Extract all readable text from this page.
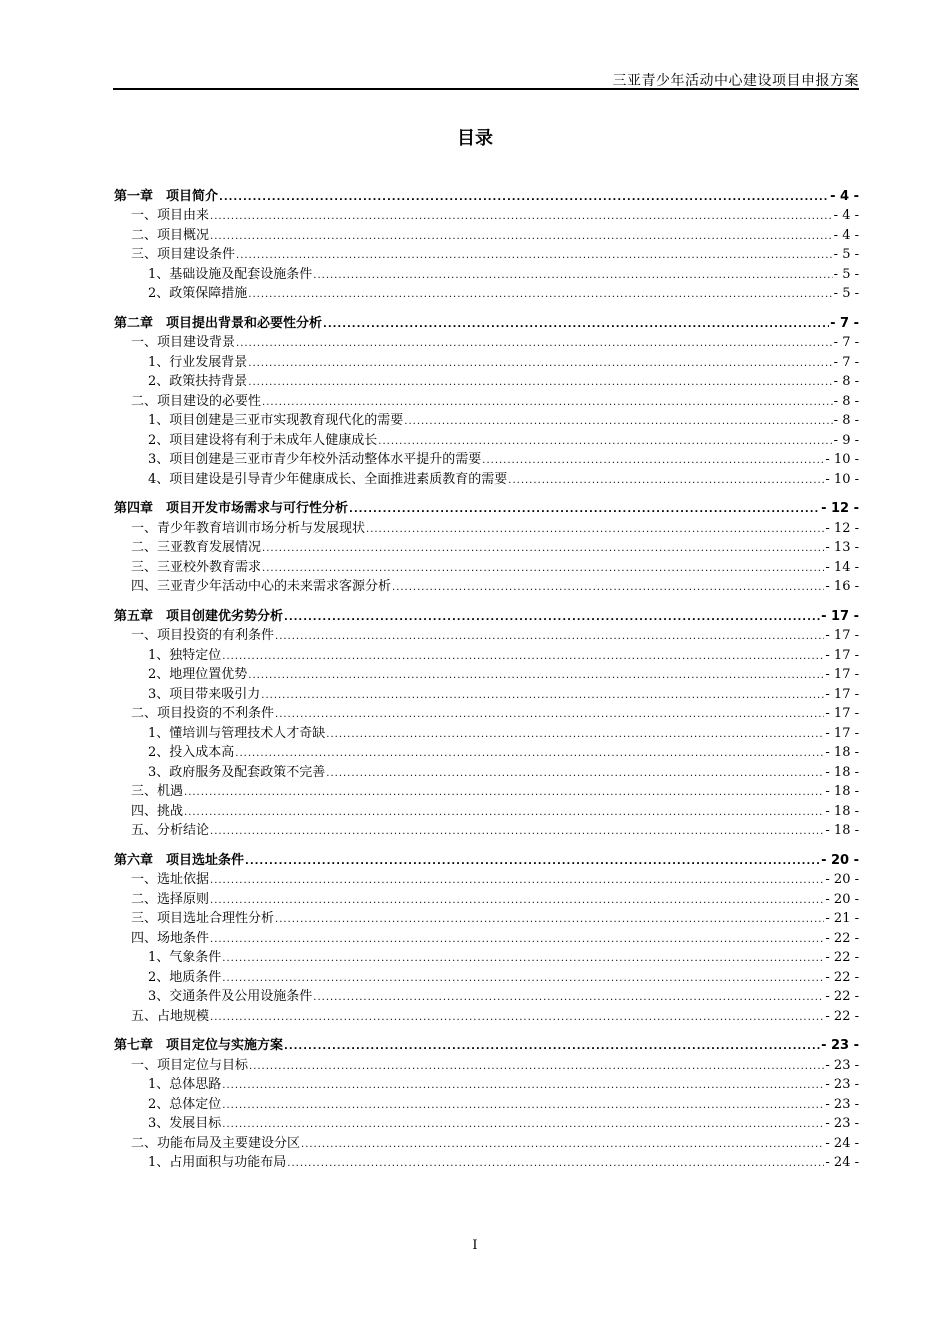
三亚青少年活动中心建设项目申报方案
目录
第一章　项目简介 .....	- 4 -
一、项目由来 .....	- 4 -
二、项目概况 .....	- 4 -
三、项目建设条件 .....	- 5 -
1、基础设施及配套设施条件 .....	- 5 -
2、政策保障措施 .....	- 5 -
第二章　项目提出背景和必要性分析 .....	- 7 -
一、项目建设背景 .....	- 7 -
1、行业发展背景 .....	- 7 -
2、政策扶持背景 .....	- 8 -
二、项目建设的必要性 .....	- 8 -
1、项目创建是三亚市实现教育现代化的需要 .....	- 8 -
2、项目建设将有利于未成年人健康成长 .....	- 9 -
3、项目创建是三亚市青少年校外活动整体水平提升的需要 .....	- 10 -
4、项目建设是引导青少年健康成长、全面推进素质教育的需要 .....	- 10 -
第四章　项目开发市场需求与可行性分析 .....	- 12 -
一、青少年教育培训市场分析与发展现状 .....	- 12 -
二、三亚教育发展情况 .....	- 13 -
三、三亚校外教育需求 .....	- 14 -
四、三亚青少年活动中心的未来需求客源分析 .....	- 16 -
第五章　项目创建优劣势分析 .....	- 17 -
一、项目投资的有利条件 .....	- 17 -
1、独特定位 .....	- 17 -
2、地理位置优势 .....	- 17 -
3、项目带来吸引力 .....	- 17 -
二、项目投资的不利条件 .....	- 17 -
1、懂培训与管理技术人才奇缺 .....	- 17 -
2、投入成本高 .....	- 18 -
3、政府服务及配套政策不完善 .....	- 18 -
三、机遇 .....	- 18 -
四、挑战 .....	- 18 -
五、分析结论 .....	- 18 -
第六章　项目选址条件 .....	- 20 -
一、选址依据 .....	- 20 -
二、选择原则 .....	- 20 -
三、项目选址合理性分析 .....	- 21 -
四、场地条件 .....	- 22 -
1、气象条件 .....	- 22 -
2、地质条件 .....	- 22 -
3、交通条件及公用设施条件 .....	- 22 -
五、占地规模 .....	- 22 -
第七章　项目定位与实施方案 .....	- 23 -
一、项目定位与目标 .....	- 23 -
1、总体思路 .....	- 23 -
2、总体定位 .....	- 23 -
3、发展目标 .....	- 23 -
二、功能布局及主要建设分区 .....	- 24 -
1、占用面积与功能布局 .....	- 24 -
I
